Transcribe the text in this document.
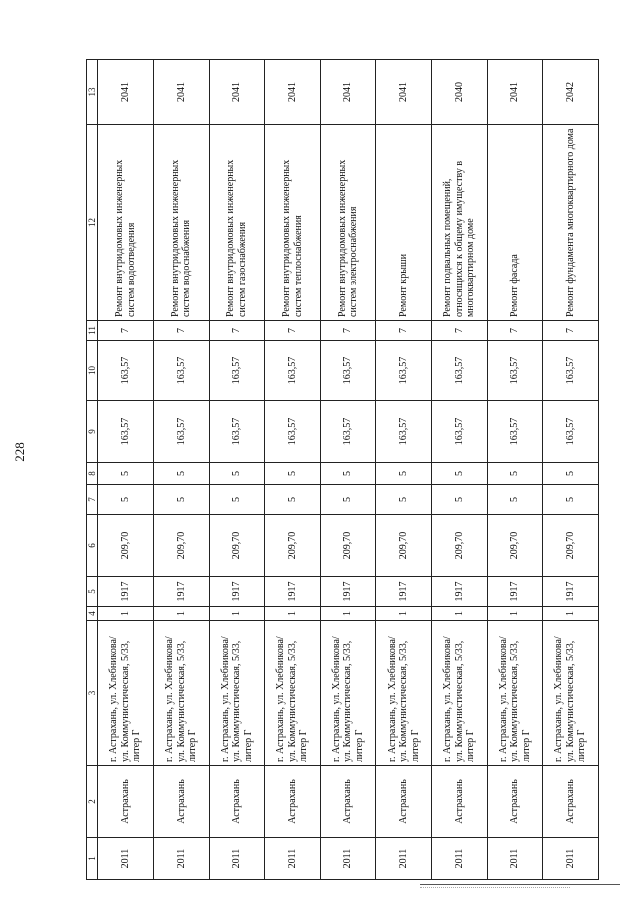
228
1	2	3	4	5	6	7	8	9	10	11	12	13
2011	Астрахань	г. Астрахань, ул. Хлебникова/ ул. Коммунистическая, 5/33, литер Г	1	1917	209,70	5	5	163,57	163,57	7	Ремонт внутридомовых инженерных систем водоотведения	2041
2011	Астрахань	г. Астрахань, ул. Хлебникова/ ул. Коммунистическая, 5/33, литер Г	1	1917	209,70	5	5	163,57	163,57	7	Ремонт внутридомовых инженерных систем водоснабжения	2041
2011	Астрахань	г. Астрахань, ул. Хлебникова/ ул. Коммунистическая, 5/33, литер Г	1	1917	209,70	5	5	163,57	163,57	7	Ремонт внутридомовых инженерных систем газоснабжения	2041
2011	Астрахань	г. Астрахань, ул. Хлебникова/ ул. Коммунистическая, 5/33, литер Г	1	1917	209,70	5	5	163,57	163,57	7	Ремонт внутридомовых инженерных систем теплоснабжения	2041
2011	Астрахань	г. Астрахань, ул. Хлебникова/ ул. Коммунистическая, 5/33, литер Г	1	1917	209,70	5	5	163,57	163,57	7	Ремонт внутридомовых инженерных систем электроснабжения	2041
2011	Астрахань	г. Астрахань, ул. Хлебникова/ ул. Коммунистическая, 5/33, литер Г	1	1917	209,70	5	5	163,57	163,57	7	Ремонт крыши	2041
2011	Астрахань	г. Астрахань, ул. Хлебникова/ ул. Коммунистическая, 5/33, литер Г	1	1917	209,70	5	5	163,57	163,57	7	Ремонт подвальных помещений, относящихся к общему имуществу в многоквартирном доме	2040
2011	Астрахань	г. Астрахань, ул. Хлебникова/ ул. Коммунистическая, 5/33, литер Г	1	1917	209,70	5	5	163,57	163,57	7	Ремонт фасада	2041
2011	Астрахань	г. Астрахань, ул. Хлебникова/ ул. Коммунистическая, 5/33, литер Г	1	1917	209,70	5	5	163,57	163,57	7	Ремонт фундамента многоквартирного дома	2042
